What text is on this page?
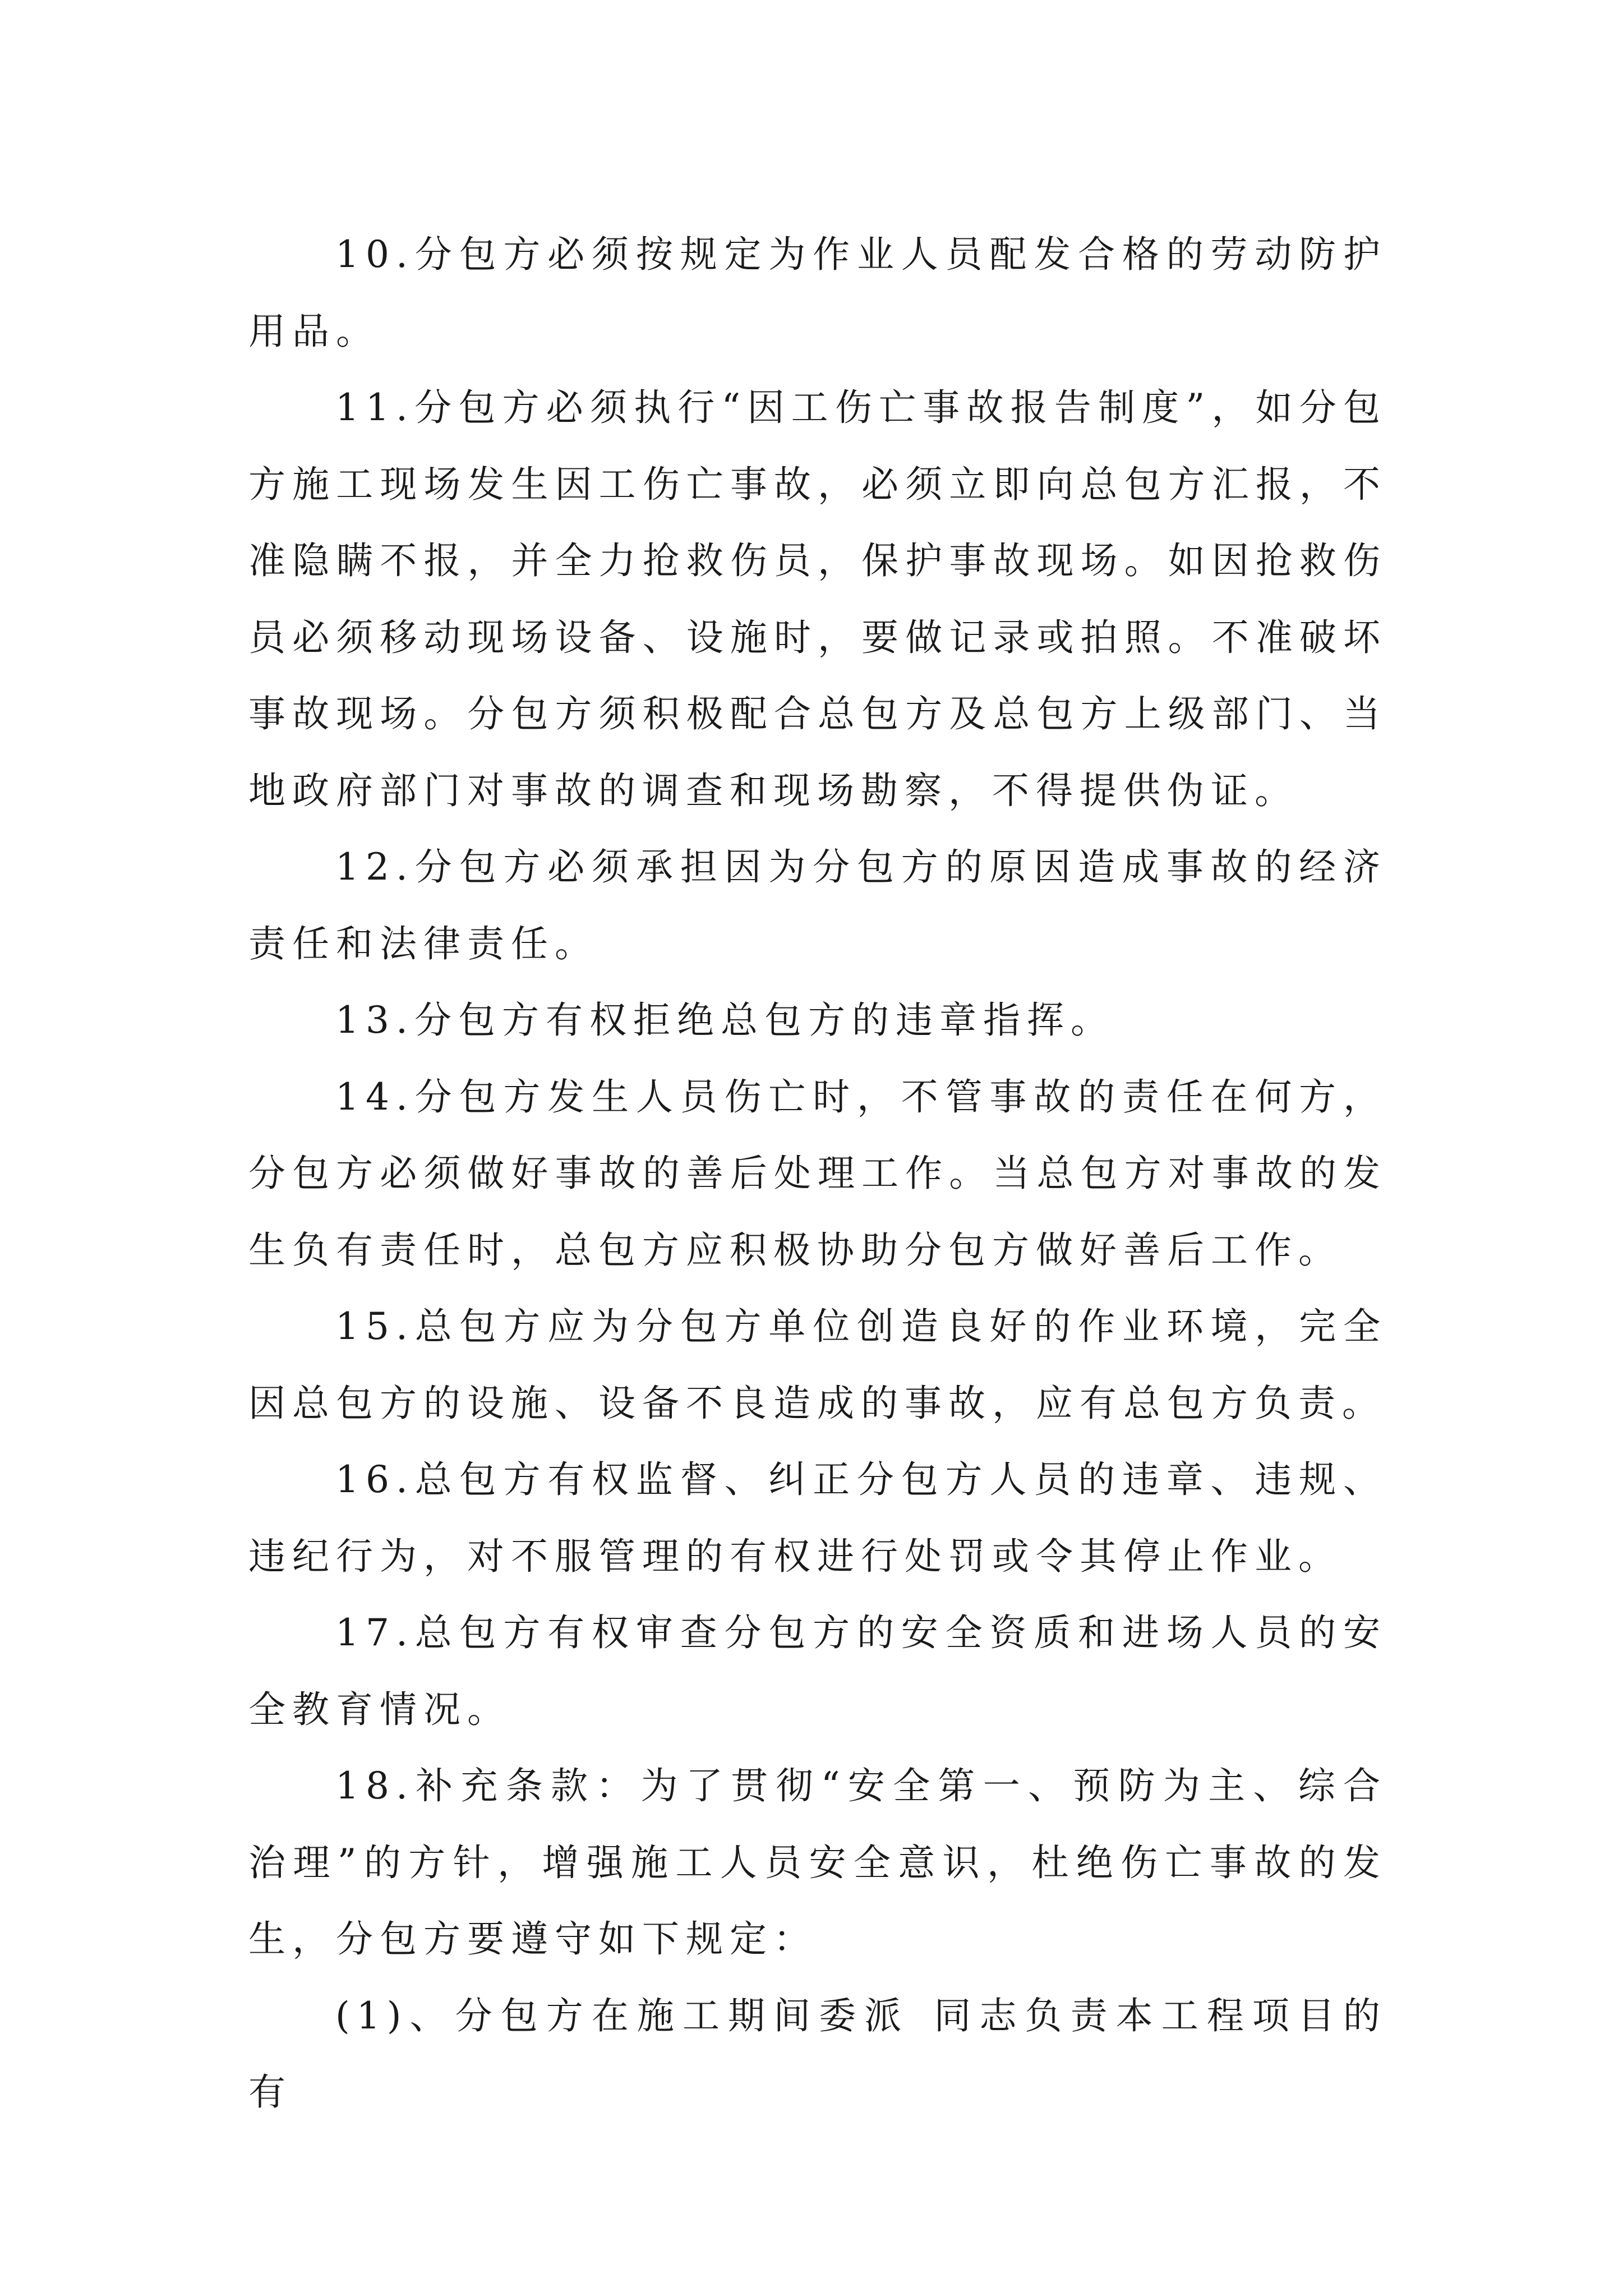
10.分包方必须按规定为作业人员配发合格的劳动防护用品。

11.分包方必须执行“因工伤亡事故报告制度”，如分包方施工现场发生因工伤亡事故，必须立即向总包方汇报，不准隐瞒不报，并全力抢救伤员，保护事故现场。如因抢救伤员必须移动现场设备、设施时，要做记录或拍照。不准破坏事故现场。分包方须积极配合总包方及总包方上级部门、当地政府部门对事故的调查和现场勘察，不得提供伪证。

12.分包方必须承担因为分包方的原因造成事故的经济责任和法律责任。

13.分包方有权拒绝总包方的违章指挥。

14.分包方发生人员伤亡时，不管事故的责任在何方，分包方必须做好事故的善后处理工作。当总包方对事故的发生负有责任时，总包方应积极协助分包方做好善后工作。

15.总包方应为分包方单位创造良好的作业环境，完全因总包方的设施、设备不良造成的事故，应有总包方负责。

16.总包方有权监督、纠正分包方人员的违章、违规、违纪行为，对不服管理的有权进行处罚或令其停止作业。

17.总包方有权审查分包方的安全资质和进场人员的安全教育情况。

18.补充条款：为了贯彻“安全第一、预防为主、综合治理”的方针，增强施工人员安全意识，杜绝伤亡事故的发生，分包方要遵守如下规定：

(1)、分包方在施工期间委派 同志负责本工程项目的有
